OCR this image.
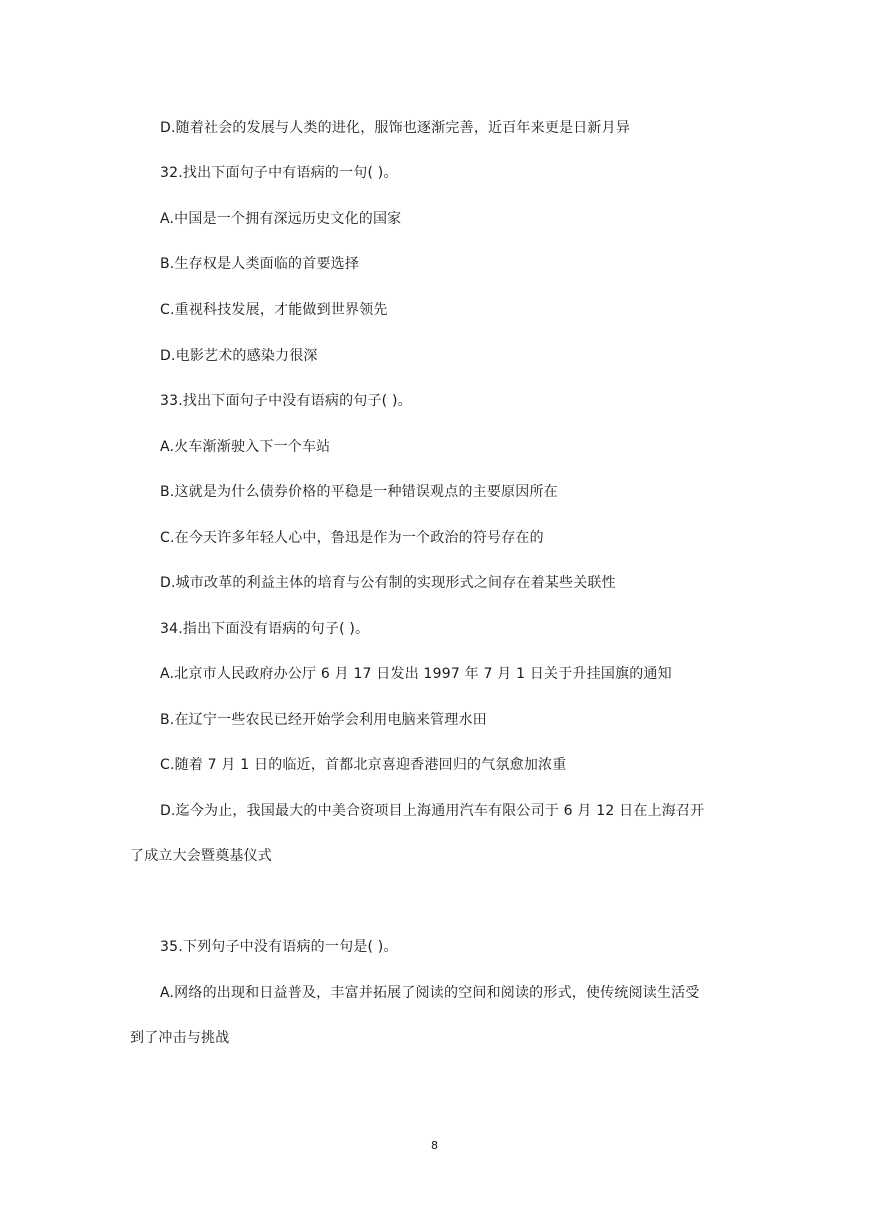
D.随着社会的发展与人类的进化，服饰也逐渐完善，近百年来更是日新月异
32.找出下面句子中有语病的一句( )。
A.中国是一个拥有深远历史文化的国家
B.生存权是人类面临的首要选择
C.重视科技发展，才能做到世界领先
D.电影艺术的感染力很深
33.找出下面句子中没有语病的句子( )。
A.火车渐渐驶入下一个车站
B.这就是为什么债券价格的平稳是一种错误观点的主要原因所在
C.在今天许多年轻人心中，鲁迅是作为一个政治的符号存在的
D.城市改革的利益主体的培育与公有制的实现形式之间存在着某些关联性
34.指出下面没有语病的句子( )。
A.北京市人民政府办公厅 6 月 17 日发出 1997 年 7 月 1 日关于升挂国旗的通知
B.在辽宁一些农民已经开始学会利用电脑来管理水田
C.随着 7 月 1 日的临近，首都北京喜迎香港回归的气氛愈加浓重
D.迄今为止，我国最大的中美合资项目上海通用汽车有限公司于 6 月 12 日在上海召开
了成立大会暨奠基仪式
35.下列句子中没有语病的一句是( )。
A.网络的出现和日益普及，丰富并拓展了阅读的空间和阅读的形式，使传统阅读生活受
到了冲击与挑战
8
